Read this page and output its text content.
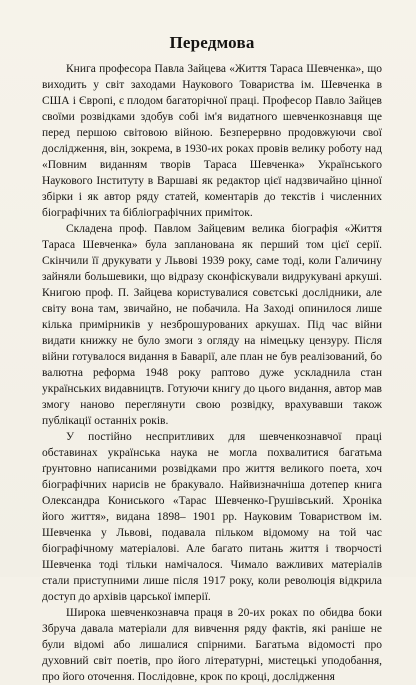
Передмова

Книга професора Павла Зайцева «Життя Тараса Шевченка», що виходить у світ заходами Наукового Товариства ім. Шевченка в США і Європі, є плодом багаторічної праці. Професор Павло Зайцев своїми розвідками здобув собі ім'я видатного шевченкознавця ще перед першою світовою війною. Безперервно продовжуючи свої дослідження, він, зокрема, в 1930-их роках провів велику роботу над «Повним виданням творів Тараса Шевченка» Українського Наукового Інституту в Варшаві як редактор цієї надзвичайно цінної збірки і як автор ряду статей, коментарів до текстів і численних біографічних та бібліографічних приміток.

Складена проф. Павлом Зайцевим велика біографія «Життя Тараса Шевченка» була запланована як перший том цієї серії. Скінчили її друкувати у Львові 1939 року, саме тоді, коли Галичину зайняли большевики, що відразу сконфіскували видрукувані аркуші. Книгою проф. П. Зайцева користувалися совєтські дослідники, але світу вона там, звичайно, не побачила. На Заході опинилося лише кілька примірників у незброшурованих аркушах. Під час війни видати книжку не було змоги з огляду на німецьку цензуру. Після війни готувалося видання в Баварії, але план не був реалізований, бо валютна реформа 1948 року раптово дуже ускладнила стан українських видавництв. Готуючи книгу до цього видання, автор мав змогу наново переглянути свою розвідку, врахувавши також публікації останніх років.

У постійно неспритливих для шевченкознавчої праці обставинах українська наука не могла похвалитися багатьма ґрунтовно написаними розвідками про життя великого поета, хоч біографічних нарисів не бракувало. Найвизначніша дотепер книга Олександра Кониського «Тарас Шевченко-Грушівський. Хроніка його життя», видана 1898– 1901 рр. Науковим Товариством ім. Шевченка у Львові, подавала пільком відомому на той час біографічному матеріалові. Але багато питань життя і творчості Шевченка тоді тільки намічалося. Чимало важливих матеріалів стали приступними лише після 1917 року, коли революція відкрила доступ до архівів царської імперії.

Широка шевченкознавча праця в 20-их роках по обидва боки Збруча давала матеріали для вивчення ряду фактів, які раніше не були відомі або лишалися спірними. Багатьма відомості про духовний світ поетів, про його літературні, мистецькі уподобання, про його оточення. Послідовне, крок по кроці, дослідження
